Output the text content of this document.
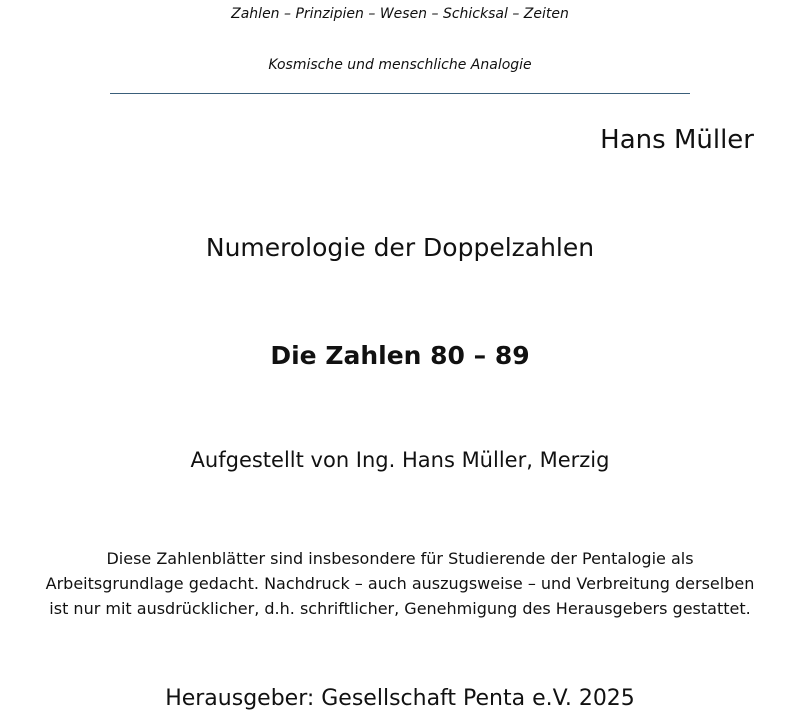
Zahlen – Prinzipien – Wesen – Schicksal – Zeiten
Kosmische und menschliche Analogie
Hans Müller
Numerologie der Doppelzahlen
Die Zahlen 80 – 89
Aufgestellt von Ing. Hans Müller, Merzig
Diese Zahlenblätter sind insbesondere für Studierende der Pentalogie als
Arbeitsgrundlage gedacht. Nachdruck – auch auszugsweise – und Verbreitung derselben
ist nur mit ausdrücklicher, d.h. schriftlicher, Genehmigung des Herausgebers gestattet.
Herausgeber: Gesellschaft Penta e.V. 2025
